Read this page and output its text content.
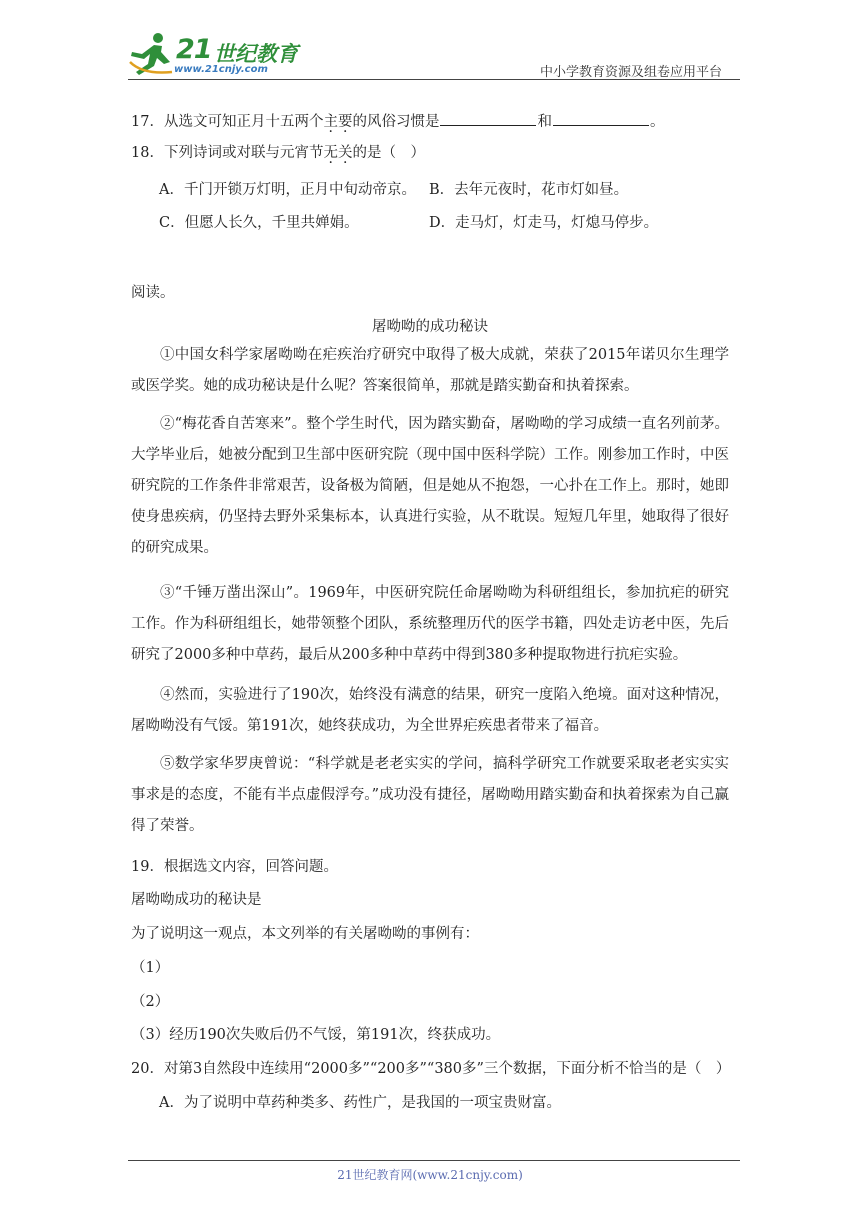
21 世纪教育
www.21cnjy.com	中小学教育资源及组卷应用平台
17．从选文可知正月十五两个主要的风俗习惯是	和	。
18．下列诗词或对联与元宵节无关的是（　）
A．千门开锁万灯明，正月中旬动帝京。 B．去年元夜时，花市灯如昼。
C．但愿人长久，千里共婵娟。	D．走马灯，灯走马，灯熄马停步。
阅读。
屠呦呦的成功秘诀
①中国女科学家屠呦呦在疟疾治疗研究中取得了极大成就，荣获了2015年诺贝尔生理学或医学奖。她的成功秘诀是什么呢？答案很简单，那就是踏实勤奋和执着探索。
②“梅花香自苦寒来”。整个学生时代，因为踏实勤奋，屠呦呦的学习成绩一直名列前茅。大学毕业后，她被分配到卫生部中医研究院（现中国中医科学院）工作。刚参加工作时，中医研究院的工作条件非常艰苦，设备极为简陋，但是她从不抱怨，一心扑在工作上。那时，她即使身患疾病，仍坚持去野外采集标本，认真进行实验，从不耽误。短短几年里，她取得了很好的研究成果。
③“千锤万凿出深山”。1969年，中医研究院任命屠呦呦为科研组组长，参加抗疟的研究工作。作为科研组组长，她带领整个团队，系统整理历代的医学书籍，四处走访老中医，先后研究了2000多种中草药，最后从200多种中草药中得到380多种提取物进行抗疟实验。
④然而，实验进行了190次，始终没有满意的结果，研究一度陷入绝境。面对这种情况，屠呦呦没有气馁。第191次，她终获成功，为全世界疟疾患者带来了福音。
⑤数学家华罗庚曾说：“科学就是老老实实的学问，搞科学研究工作就要采取老老实实实事求是的态度，不能有半点虚假浮夸。”成功没有捷径，屠呦呦用踏实勤奋和执着探索为自己赢得了荣誉。
19．根据选文内容，回答问题。
屠呦呦成功的秘诀是
为了说明这一观点，本文列举的有关屠呦呦的事例有：
（1）
（2）
（3）经历190次失败后仍不气馁，第191次，终获成功。
20．对第3自然段中连续用“2000多”“200多”“380多”三个数据，下面分析不恰当的是（　）
A．为了说明中草药种类多、药性广，是我国的一项宝贵财富。
21世纪教育网(www.21cnjy.com)
